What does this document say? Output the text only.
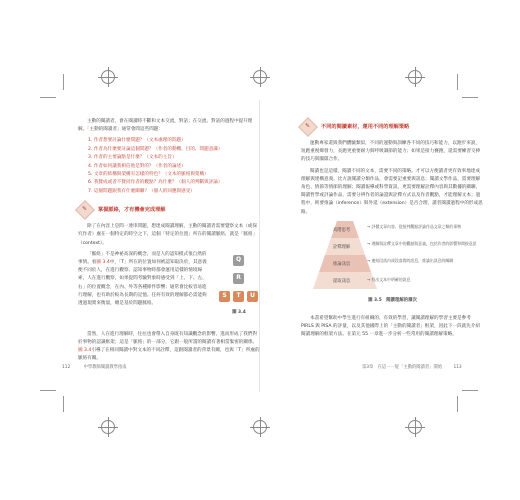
主動的閱讀者，會在閱讀時不斷和文本交流，對話；在交流、對話的過程中提升理解。「主動的閱讀者」通常會問這些問題：

1. 作者想要討論什麼問題？（文本處理的問題）
2. 作者為什麼要討論這個問題？（作者的動機、目的、問題意識）
3. 作者的主要論點是什麼？（文本的主旨）
4. 作者如何讓我相信他是對的？（作者的論述）
5. 文章的結構與架構有怎樣的特色？（文本的脈絡與架構）
6. 我贊成或者不贊同作者的觀點？為什麼？（個人的判斷與評論）
7. 這個問題跟我有什麼關聯？（個人的回應與感受）
✎ 掌握脈絡，才有機會完成理解

除了在內容上是問一連串問題，想達成閱讀理解，主動的閱讀者需要覺察文本（或探究作者）處在一個特定的時空之下，這個「特定的位置」所在的閱讀脈絡，就是「脈絡」（context）。

「脈絡」不是神祕高深的概念，而是人的認知模式很自然的事情。看圖 3.4中，「T」所在的位置如何被認知取決於，其意義便不同於人，在進行觀察、認知事物時都會運用這樣的情境線索，人在進行觀察，如果提問考驗對象時感受到「上、下、左、右」的位置概念，在內、外等各種條件影響；通常會比較容易進行理解，也有助於較為長期的記憶。任何有效的理解都必需能夠透過現實來衡量，總是基於問題脈絡。

Q
R
S	T	U
圖 3.4

當然，人在進行理解時，往往也會帶入自身既有知識觀念的影響，進而形成了我們對於事物的認識框架；這是「脈絡」的一部分，它跟一般所謂的閱讀有著相當緊密的關係。圖 3.4引導了在相同閱讀中對文本的不同詮釋，這跟閱讀者的背景有關，也與「T」所處的脈絡有關。

112	中學教師閱讀教學指南
✎ 不同的閱讀素材，運用不同的理解策略

運動專家還與我們體驗類似，不同的運動與訓練各不同的技巧和能力，以跑步來說，短跑重視爆發力，長跑更重要耐力與呼吸調節的能力；如果是接力賽跑，還需要練習交棒的技巧與團隊合作。

閱讀也是這樣，閱讀不同的文本，需要不同的策略。才可以方便讀者更有效率地達成理解與建構意義。比方說閱讀分類作品，會需要記重要與訊息；閱讀文學作品，需要理解角色、情節等情節的理解；閱讀報導或科學資訊，更需要理解詮釋內容與其數據的關聯，閱讀哲學或評論作品，需要分辨作者的論證與詮釋方式以及作者觀點，才能理解文本；過程中，則要推論（inference）與外延（extension）是否合理，讀者閱讀過程中的形成思路。

高階思考
詮釋理解
推論訊息
提取訊息
→ 評價文章內容、從批判觀點評論作品文章之類的事物
→ 理解與詮釋文章中的觀點與意義，包括作者的影響和間接意思
→ 連結段落內或段落間的訊息，推論出訊息的關聯
→ 找出文本中明確的訊息
圖 3.5　閱讀理解的層次

本書希望幫助中學生進行有組織的、有效的學習，讓閱讀理解的學習主要是參考 PIRLS 與 PISA 的評量，以及其他國際上的「主動的閱讀者」框架，因此下一段就先介紹閱讀理解的框架方法。在第元 55 一章進一步分析一些常用的閱讀理解策略。

第3章　在這一一從「主動的閱讀者」開始	113
